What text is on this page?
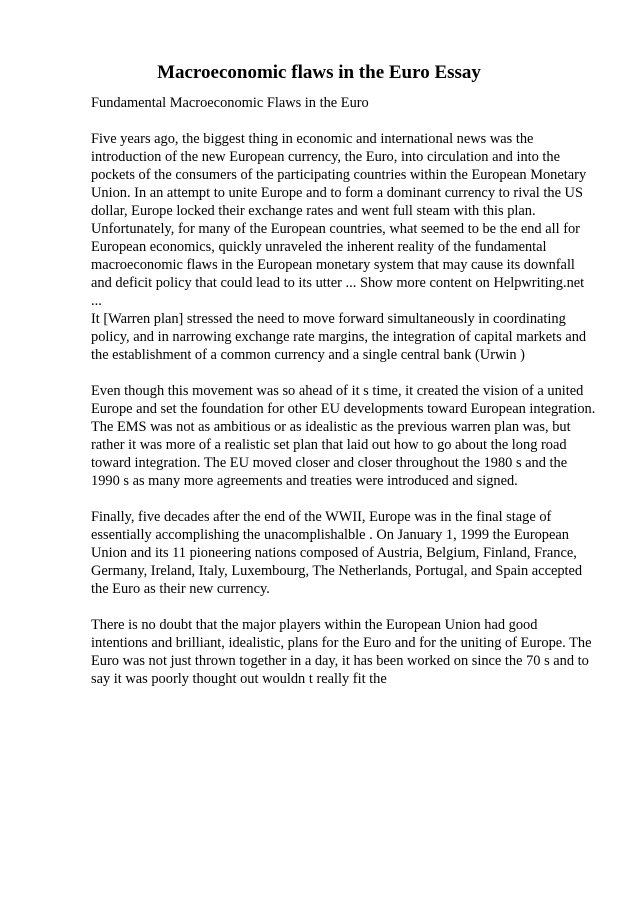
Macroeconomic flaws in the Euro Essay

Fundamental Macroeconomic Flaws in the Euro

Five years ago, the biggest thing in economic and international news was the introduction of the new European currency, the Euro, into circulation and into the pockets of the consumers of the participating countries within the European Monetary Union. In an attempt to unite Europe and to form a dominant currency to rival the US dollar, Europe locked their exchange rates and went full steam with this plan. Unfortunately, for many of the European countries, what seemed to be the end all for European economics, quickly unraveled the inherent reality of the fundamental macroeconomic flaws in the European monetary system that may cause its downfall and deficit policy that could lead to its utter ... Show more content on Helpwriting.net ...

It [Warren plan] stressed the need to move forward simultaneously in coordinating policy, and in narrowing exchange rate margins, the integration of capital markets and the establishment of a common currency and a single central bank (Urwin )

Even though this movement was so ahead of it s time, it created the vision of a united Europe and set the foundation for other EU developments toward European integration. The EMS was not as ambitious or as idealistic as the previous warren plan was, but rather it was more of a realistic set plan that laid out how to go about the long road toward integration. The EU moved closer and closer throughout the 1980 s and the 1990 s as many more agreements and treaties were introduced and signed.

Finally, five decades after the end of the WWII, Europe was in the final stage of essentially accomplishing the unacomplishalble . On January 1, 1999 the European Union and its 11 pioneering nations composed of Austria, Belgium, Finland, France, Germany, Ireland, Italy, Luxembourg, The Netherlands, Portugal, and Spain accepted the Euro as their new currency.

There is no doubt that the major players within the European Union had good intentions and brilliant, idealistic, plans for the Euro and for the uniting of Europe. The Euro was not just thrown together in a day, it has been worked on since the 70 s and to say it was poorly thought out wouldn t really fit the
